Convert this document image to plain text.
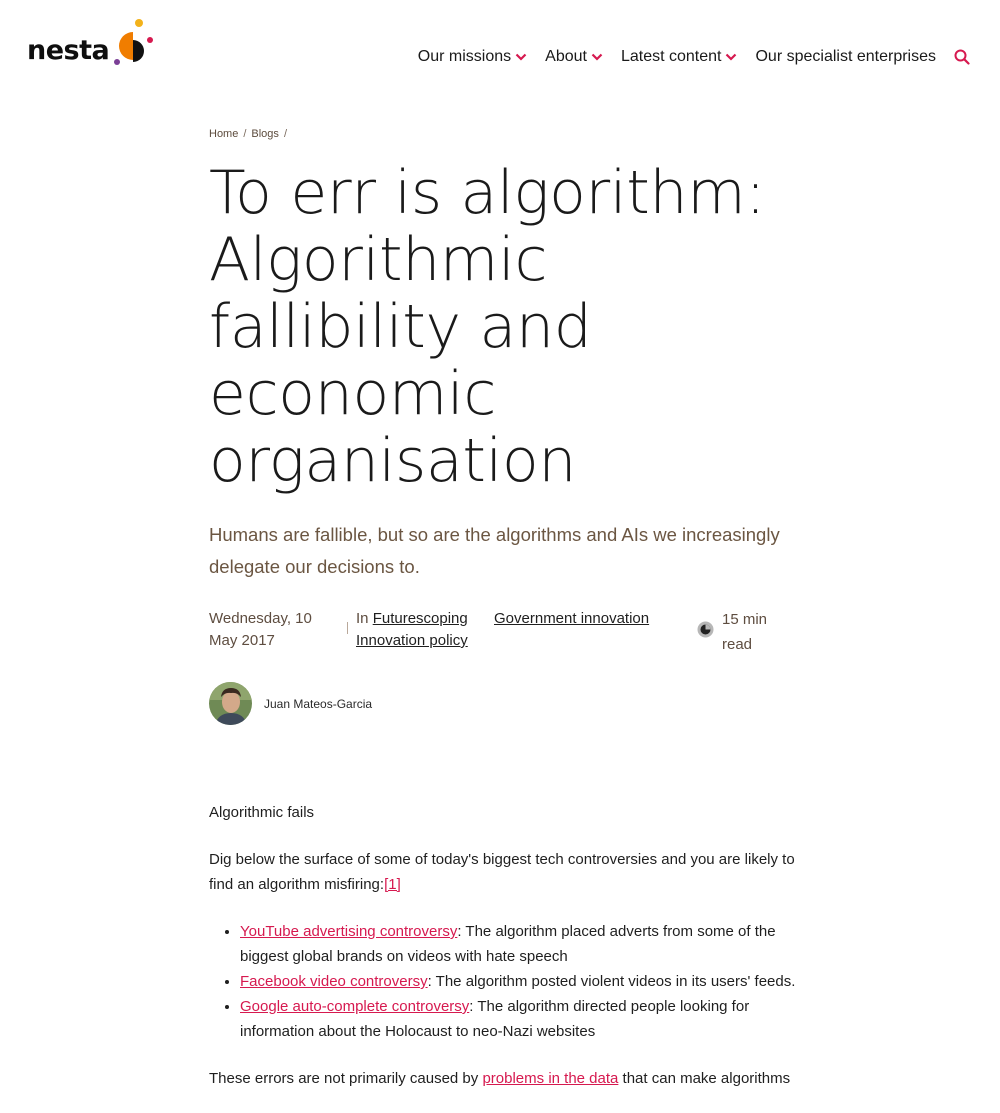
nesta	Our missions About Latest content Our specialist enterprises
Home / Blogs /
To err is algorithm: Algorithmic fallibility and economic organisation
Humans are fallible, but so are the algorithms and AIs we increasingly delegate our decisions to.
Wednesday, 10
May 2017
In Futurescoping
Innovation policy
Government innovation	15 min
read
Juan Mateos-Garcia

Algorithmic fails

Dig below the surface of some of today's biggest tech controversies and you are likely to find an algorithm misfiring:[1]

• YouTube advertising controversy: The algorithm placed adverts from some of the biggest global brands on videos with hate speech
• Facebook video controversy: The algorithm posted violent videos in its users' feeds.
• Google auto-complete controversy: The algorithm directed people looking for information about the Holocaust to neo-Nazi websites

These errors are not primarily caused by problems in the data that can make algorithms
